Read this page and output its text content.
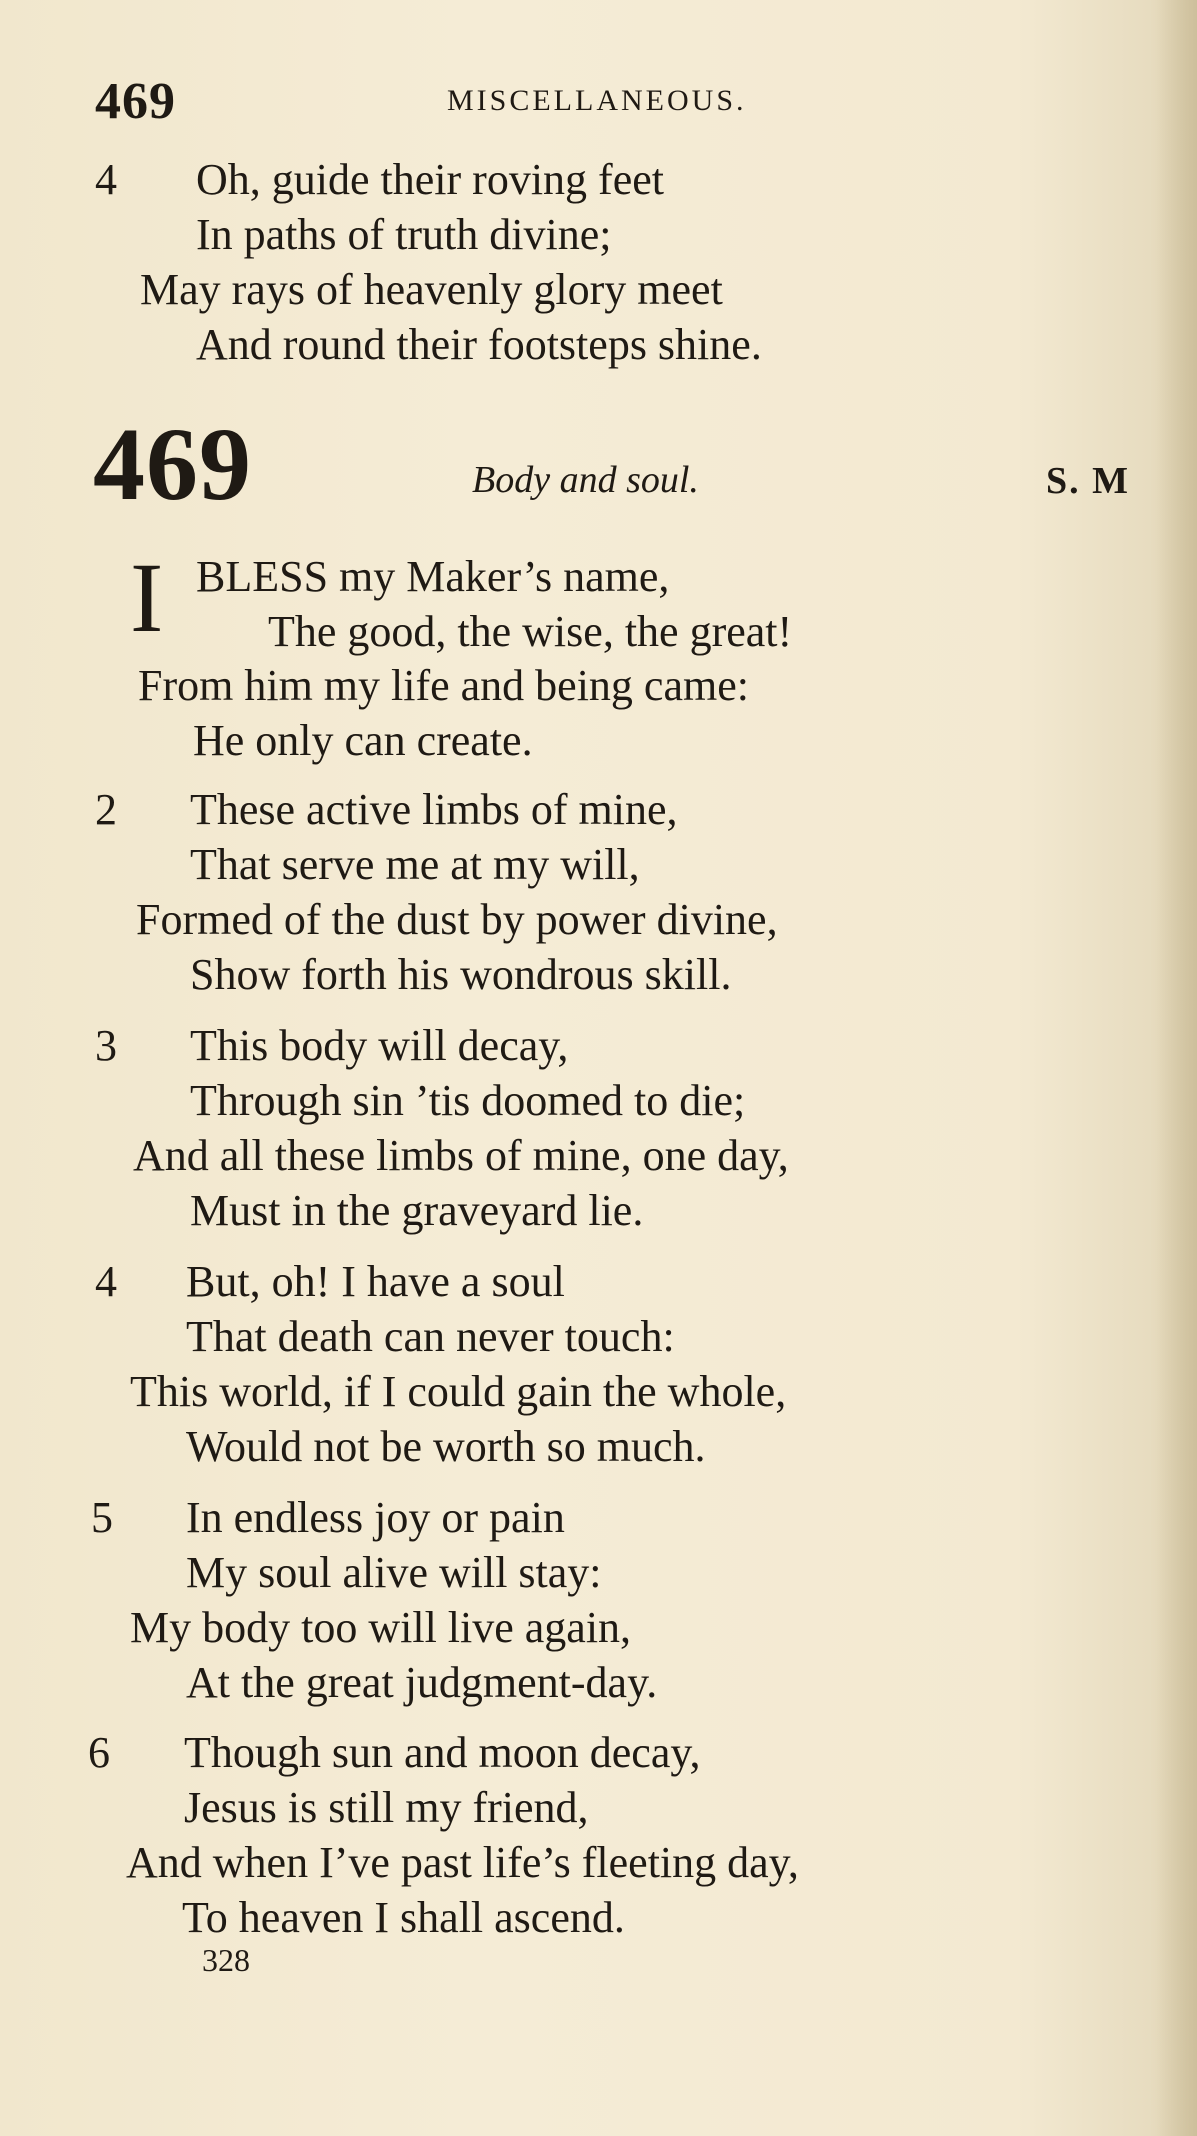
469	MISCELLANEOUS.
4 Oh, guide their roving feet
In paths of truth divine;
May rays of heavenly glory meet
And round their footsteps shine.
469	Body and soul.	S. M
I BLESS my Maker’s name,
The good, the wise, the great!
From him my life and being came:
He only can create.
2 These active limbs of mine,
That serve me at my will,
Formed of the dust by power divine,
Show forth his wondrous skill.
3 This body will decay,
Through sin ’tis doomed to die;
And all these limbs of mine, one day,
Must in the graveyard lie.
4 But, oh! I have a soul
That death can never touch:
This world, if I could gain the whole,
Would not be worth so much.
5 In endless joy or pain
My soul alive will stay:
My body too will live again,
At the great judgment-day.
6 Though sun and moon decay,
Jesus is still my friend,
And when I’ve past life’s fleeting day,
To heaven I shall ascend.
328
